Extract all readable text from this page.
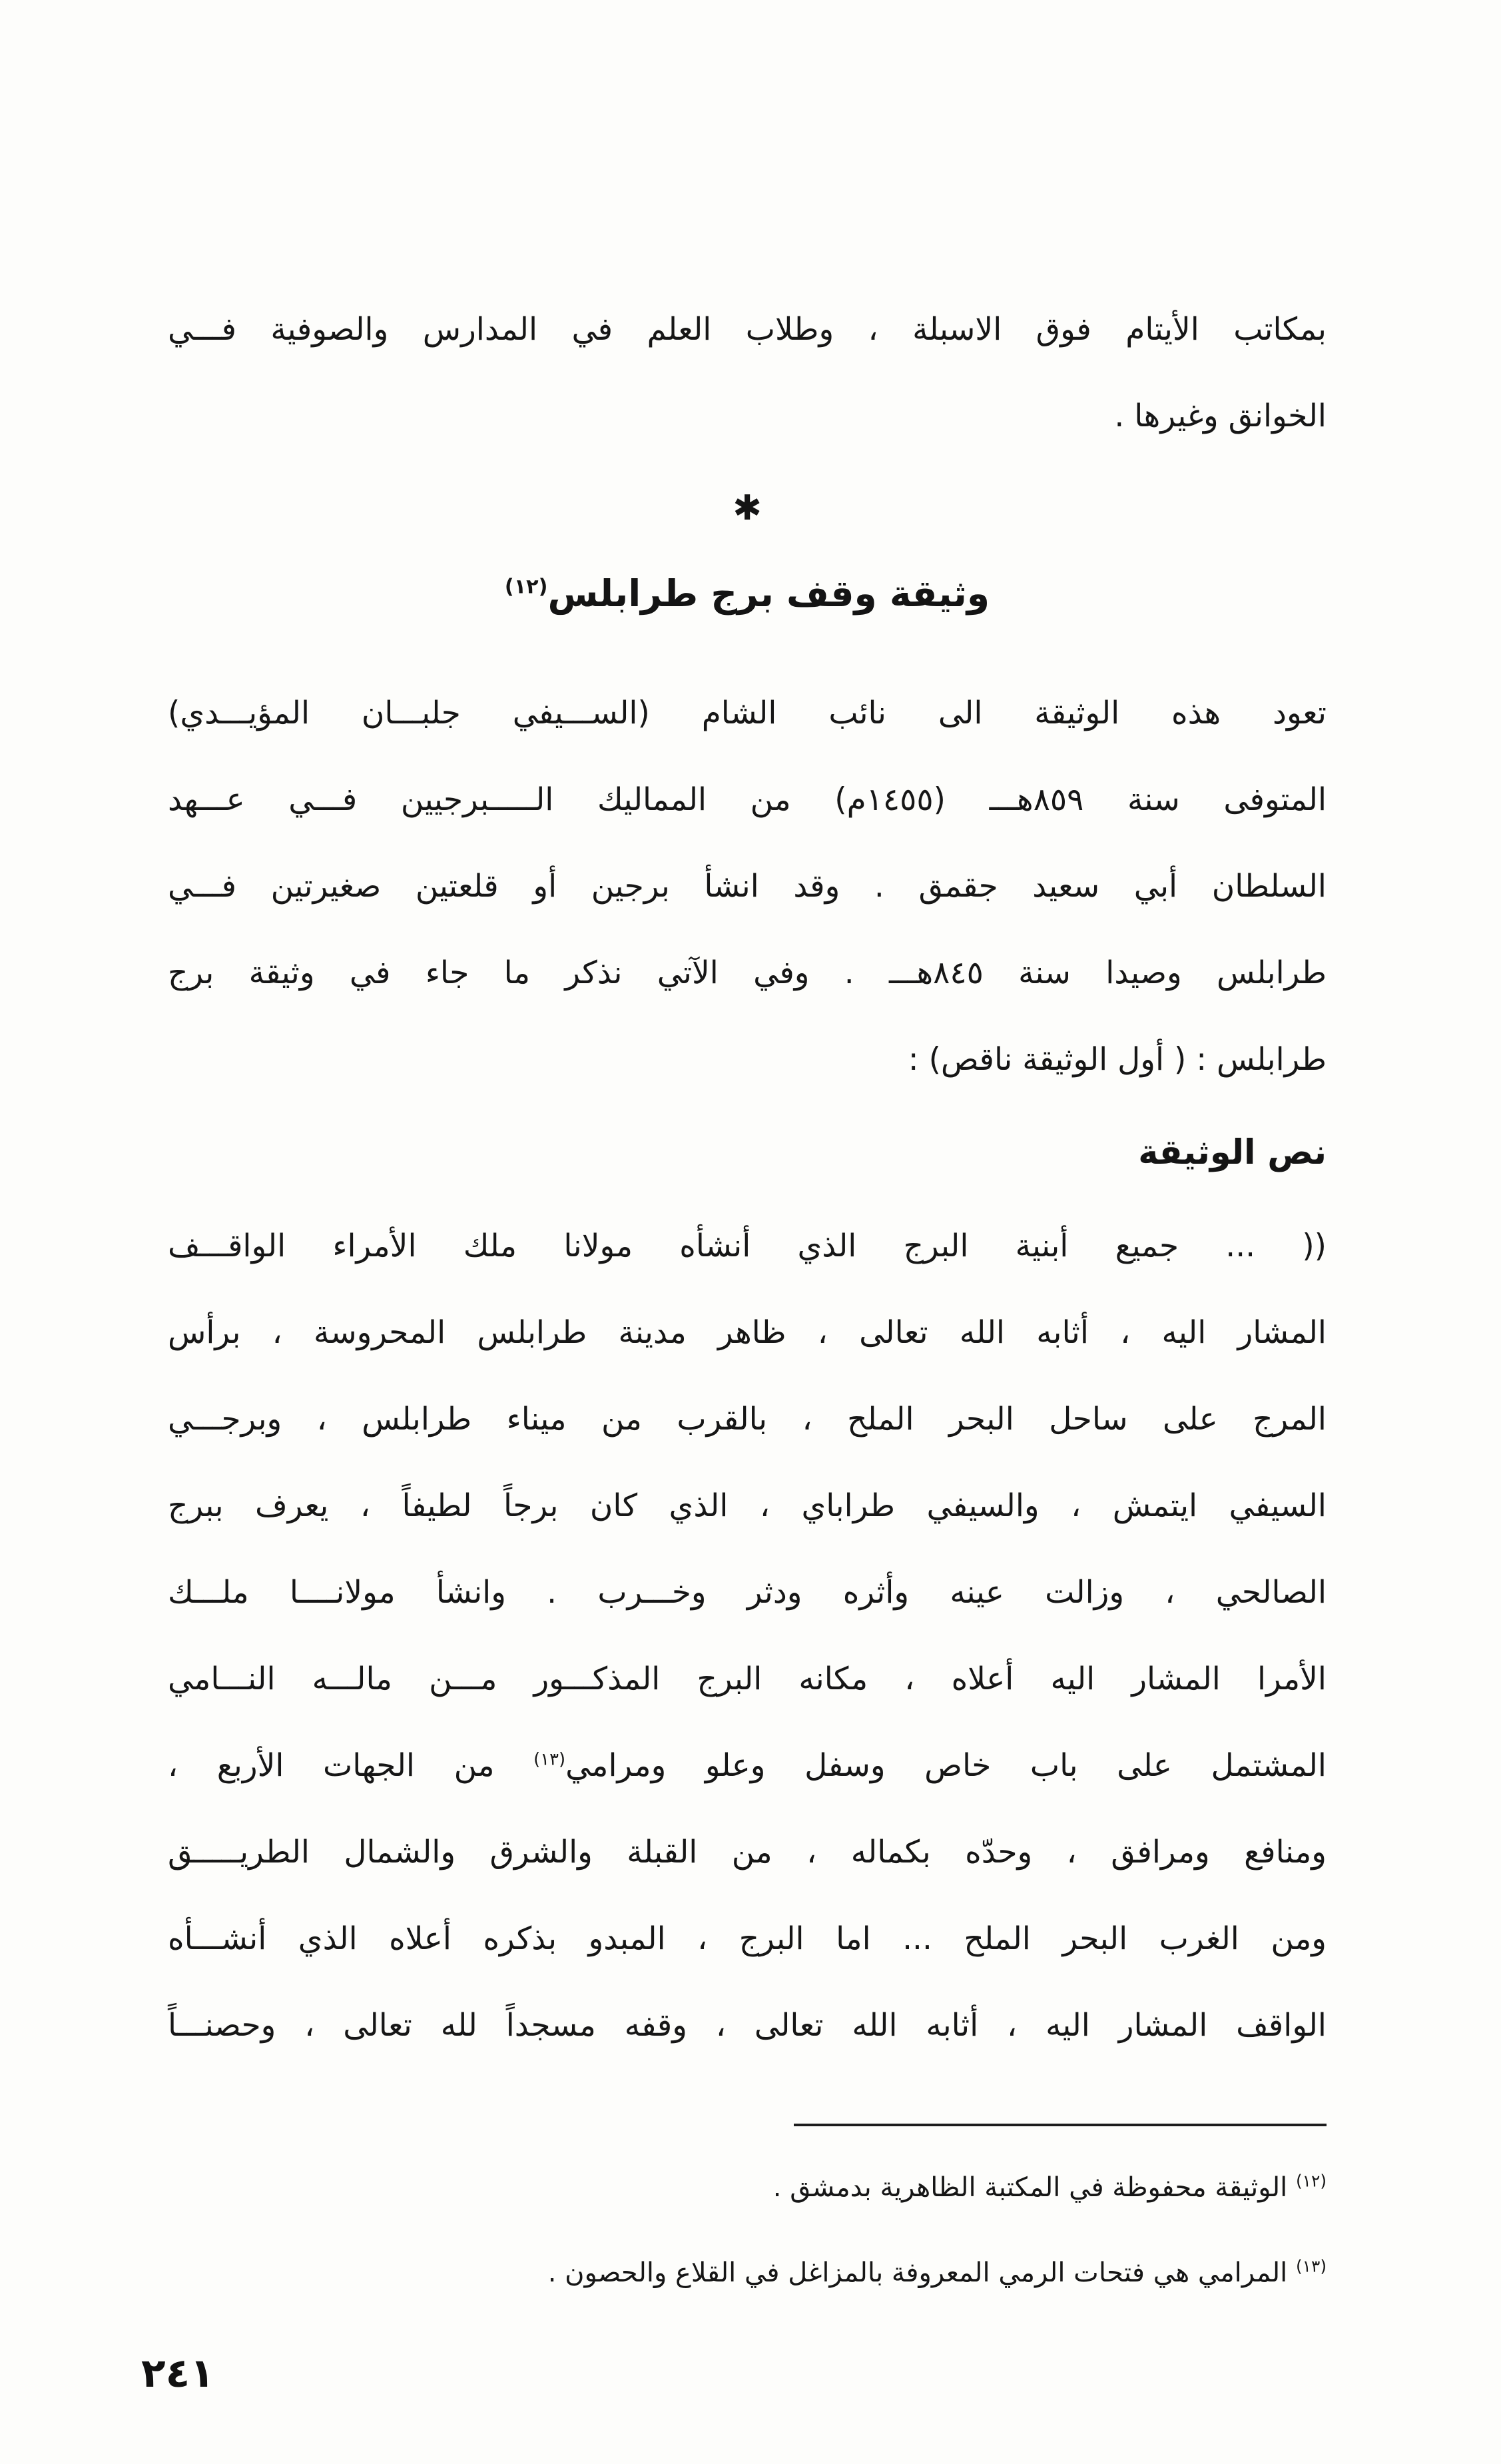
بمكاتب الأيتام فوق الاسبلة ، وطلاب العلم في المدارس والصوفية فـــي
الخوانق وغيرها .
✱
وثيقة وقف برج طرابلس$^{(١٢)}$
تعود هذه الوثيقة الى نائب الشام (الســـيفي جلبـــان المؤيـــدي)
المتوفى سنة ٨٥٩هـــ (١٤٥٥م) من المماليك الـــــبرجيين فـــي عـــهد
السلطان أبي سعيد جقمق . وقد انشأ برجين أو قلعتين صغيرتين فـــي
طرابلس وصيدا سنة ٨٤٥هـــ . وفي الآتي نذكر ما جاء في وثيقة برج
طرابلس : ( أول الوثيقة ناقص) :
نص الوثيقة
(( ... جميع أبنية البرج الذي أنشأه مولانا ملك الأمراء الواقـــف
المشار اليه ، أثابه الله تعالى ، ظاهر مدينة طرابلس المحروسة ، برأس
المرج على ساحل البحر الملح ، بالقرب من ميناء طرابلس ، وبرجـــي
السيفي ايتمش ، والسيفي طراباي ، الذي كان برجاً لطيفاً ، يعرف ببرج
الصالحي ، وزالت عينه وأثره ودثر وخـــرب . وانشأ مولانــــا ملـــك
الأمرا المشار اليه أعلاه ، مكانه البرج المذكـــور مـــن مالـــه النـــامي
المشتمل على باب خاص وسفل وعلو ومرامي$^{(١٣)}$ من الجهات الأربع ،
ومنافع ومرافق ، وحدّه بكماله ، من القبلة والشرق والشمال الطريـــــق
ومن الغرب البحر الملح ... اما البرج ، المبدو بذكره أعلاه الذي أنشـــأه
الواقف المشار اليه ، أثابه الله تعالى ، وقفه مسجداً لله تعالى ، وحصنـــاً
$^{(١٢)}$ الوثيقة محفوظة في المكتبة الظاهرية بدمشق .
$^{(١٣)}$ المرامي هي فتحات الرمي المعروفة بالمزاغل في القلاع والحصون .
٢٤١
